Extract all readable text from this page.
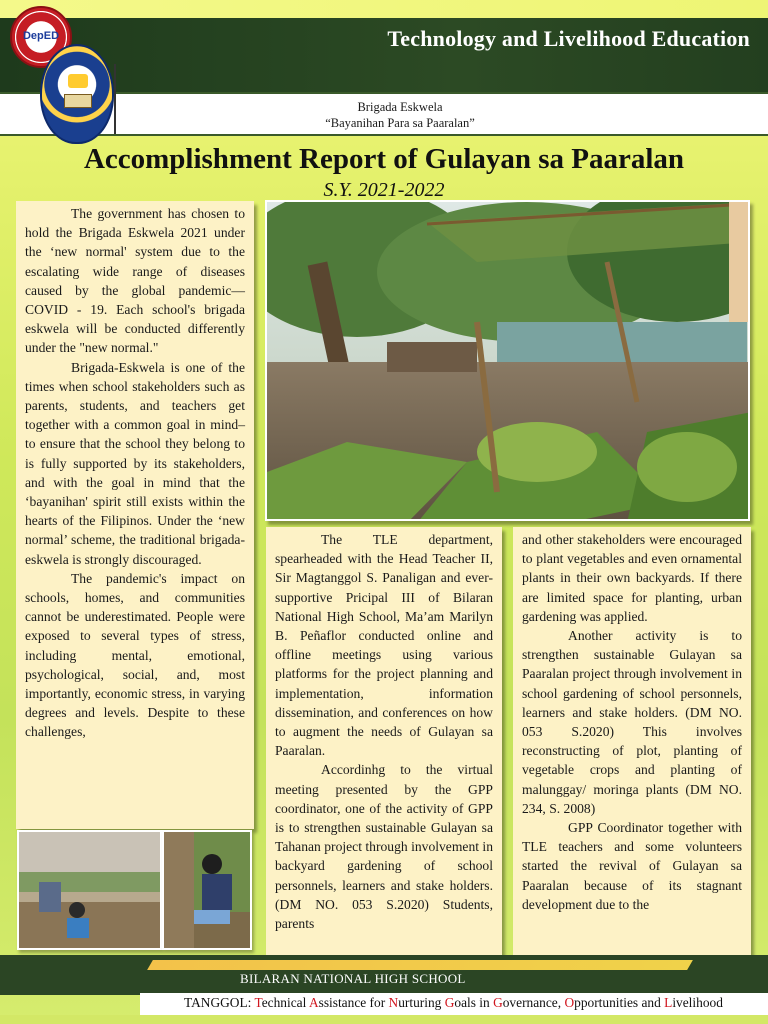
Technology and Livelihood Education
Brigada Eskwela
“Bayanihan Para sa Paaralan”
DepED
Accomplishment Report of Gulayan sa Paaralan
S.Y. 2021-2022

The government has chosen to hold the Brigada Eskwela 2021 under the ‘new normal' system due to the escalating wide range of diseases caused by the global pandemic—COVID - 19. Each school's brigada eskwela will be conducted differently under the "new normal."

Brigada-Eskwela is one of the times when school stakeholders such as parents, students, and teachers get together with a common goal in mind–to ensure that the school they belong to is fully supported by its stakeholders, and with the goal in mind that the ‘bayanihan' spirit still exists within the hearts of the Filipinos. Under the ‘new normal’ scheme, the traditional brigada-eskwela is strongly discouraged.

The pandemic's impact on schools, homes, and communities cannot be underestimated. People were exposed to several types of stress, including mental, emotional, psychological, social, and, most importantly, economic stress, in varying degrees and levels. Despite to these challenges,

The TLE department, spearheaded with the Head Teacher II, Sir Magtanggol S. Panaligan and ever-supportive Pricipal III of Bilaran National High School, Ma’am Marilyn B. Peñaflor conducted online and offline meetings using various platforms for the project planning and implementation, information dissemination, and conferences on how to augment the needs of Gulayan sa Paaralan.

Accordinhg to the virtual meeting presented by the GPP coordinator, one of the activity of GPP is to strengthen sustainable Gulayan sa Tahanan project through involvement in backyard gardening of school personnels, learners and stake holders. (DM NO. 053 S.2020) Students, parents

and other stakeholders were encouraged to plant vegetables and even ornamental plants in their own backyards. If there are limited space for planting, urban gardening was applied.

Another activity is to strengthen sustainable Gulayan sa Paaralan project through involvement in school gardening of school personnels, learners and stake holders. (DM NO. 053 S.2020) This involves reconstructing of plot, planting of vegetable crops and planting of malunggay/ moringa plants (DM NO. 234, S. 2008)

GPP Coordinator together with TLE teachers and some volunteers started the revival of Gulayan sa Paaralan because of its stagnant development due to the

BILARAN NATIONAL HIGH SCHOOL
TANGGOL: Technical Assistance for Nurturing Goals in Governance, Opportunities and Livelihood
